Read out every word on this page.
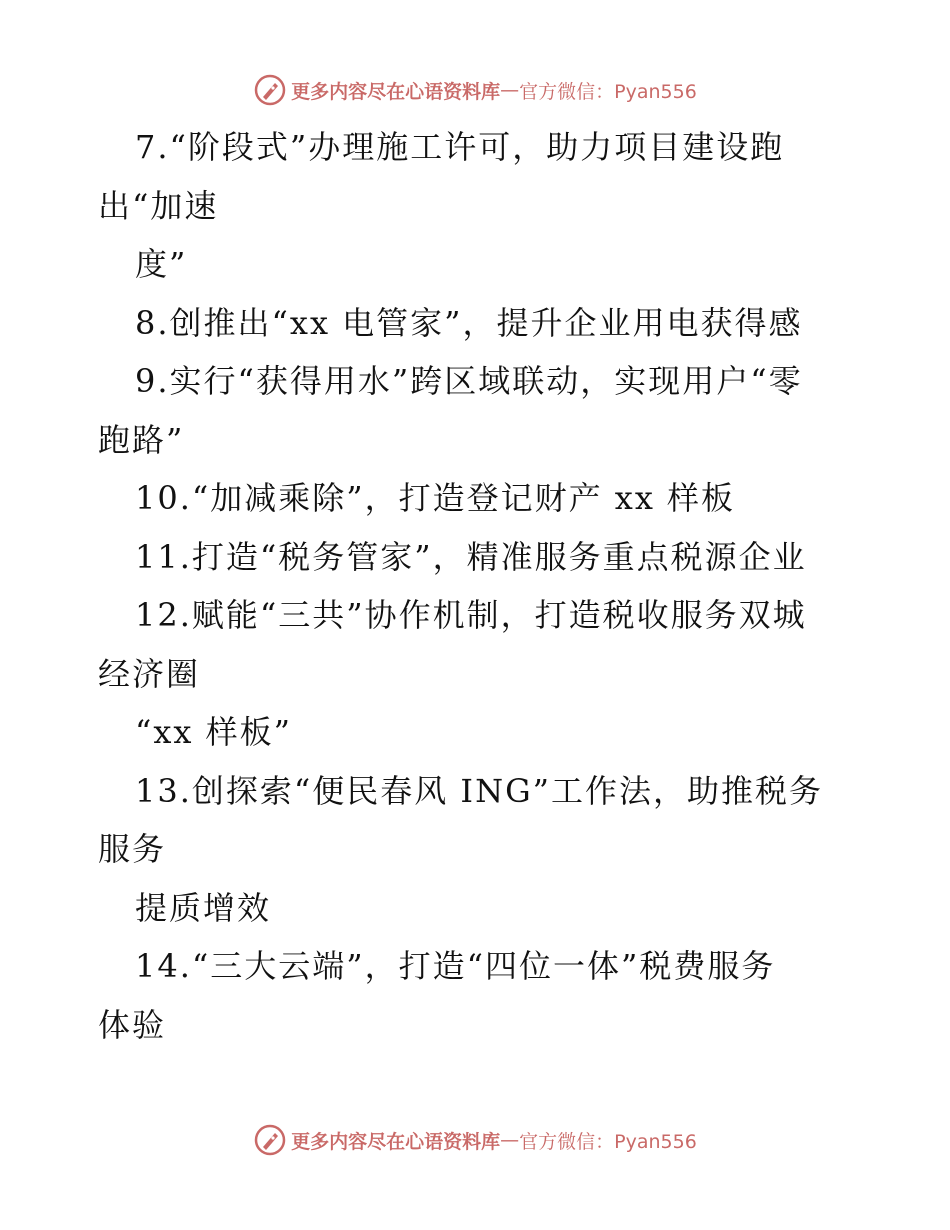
更多内容尽在心语资料库 — 官方微信：Pyan556
7.“阶段式”办理施工许可，助力项目建设跑
出“加速
度”
8.创推出“xx 电管家”，提升企业用电获得感
9.实行“获得用水”跨区域联动，实现用户“零
跑路”
10.“加减乘除”，打造登记财产 xx 样板
11.打造“税务管家”，精准服务重点税源企业
12.赋能“三共”协作机制，打造税收服务双城
经济圈
“xx 样板”
13.创探索“便民春风 ING”工作法，助推税务
服务
提质增效
14.“三大云端”，打造“四位一体”税费服务
体验
更多内容尽在心语资料库 — 官方微信：Pyan556
